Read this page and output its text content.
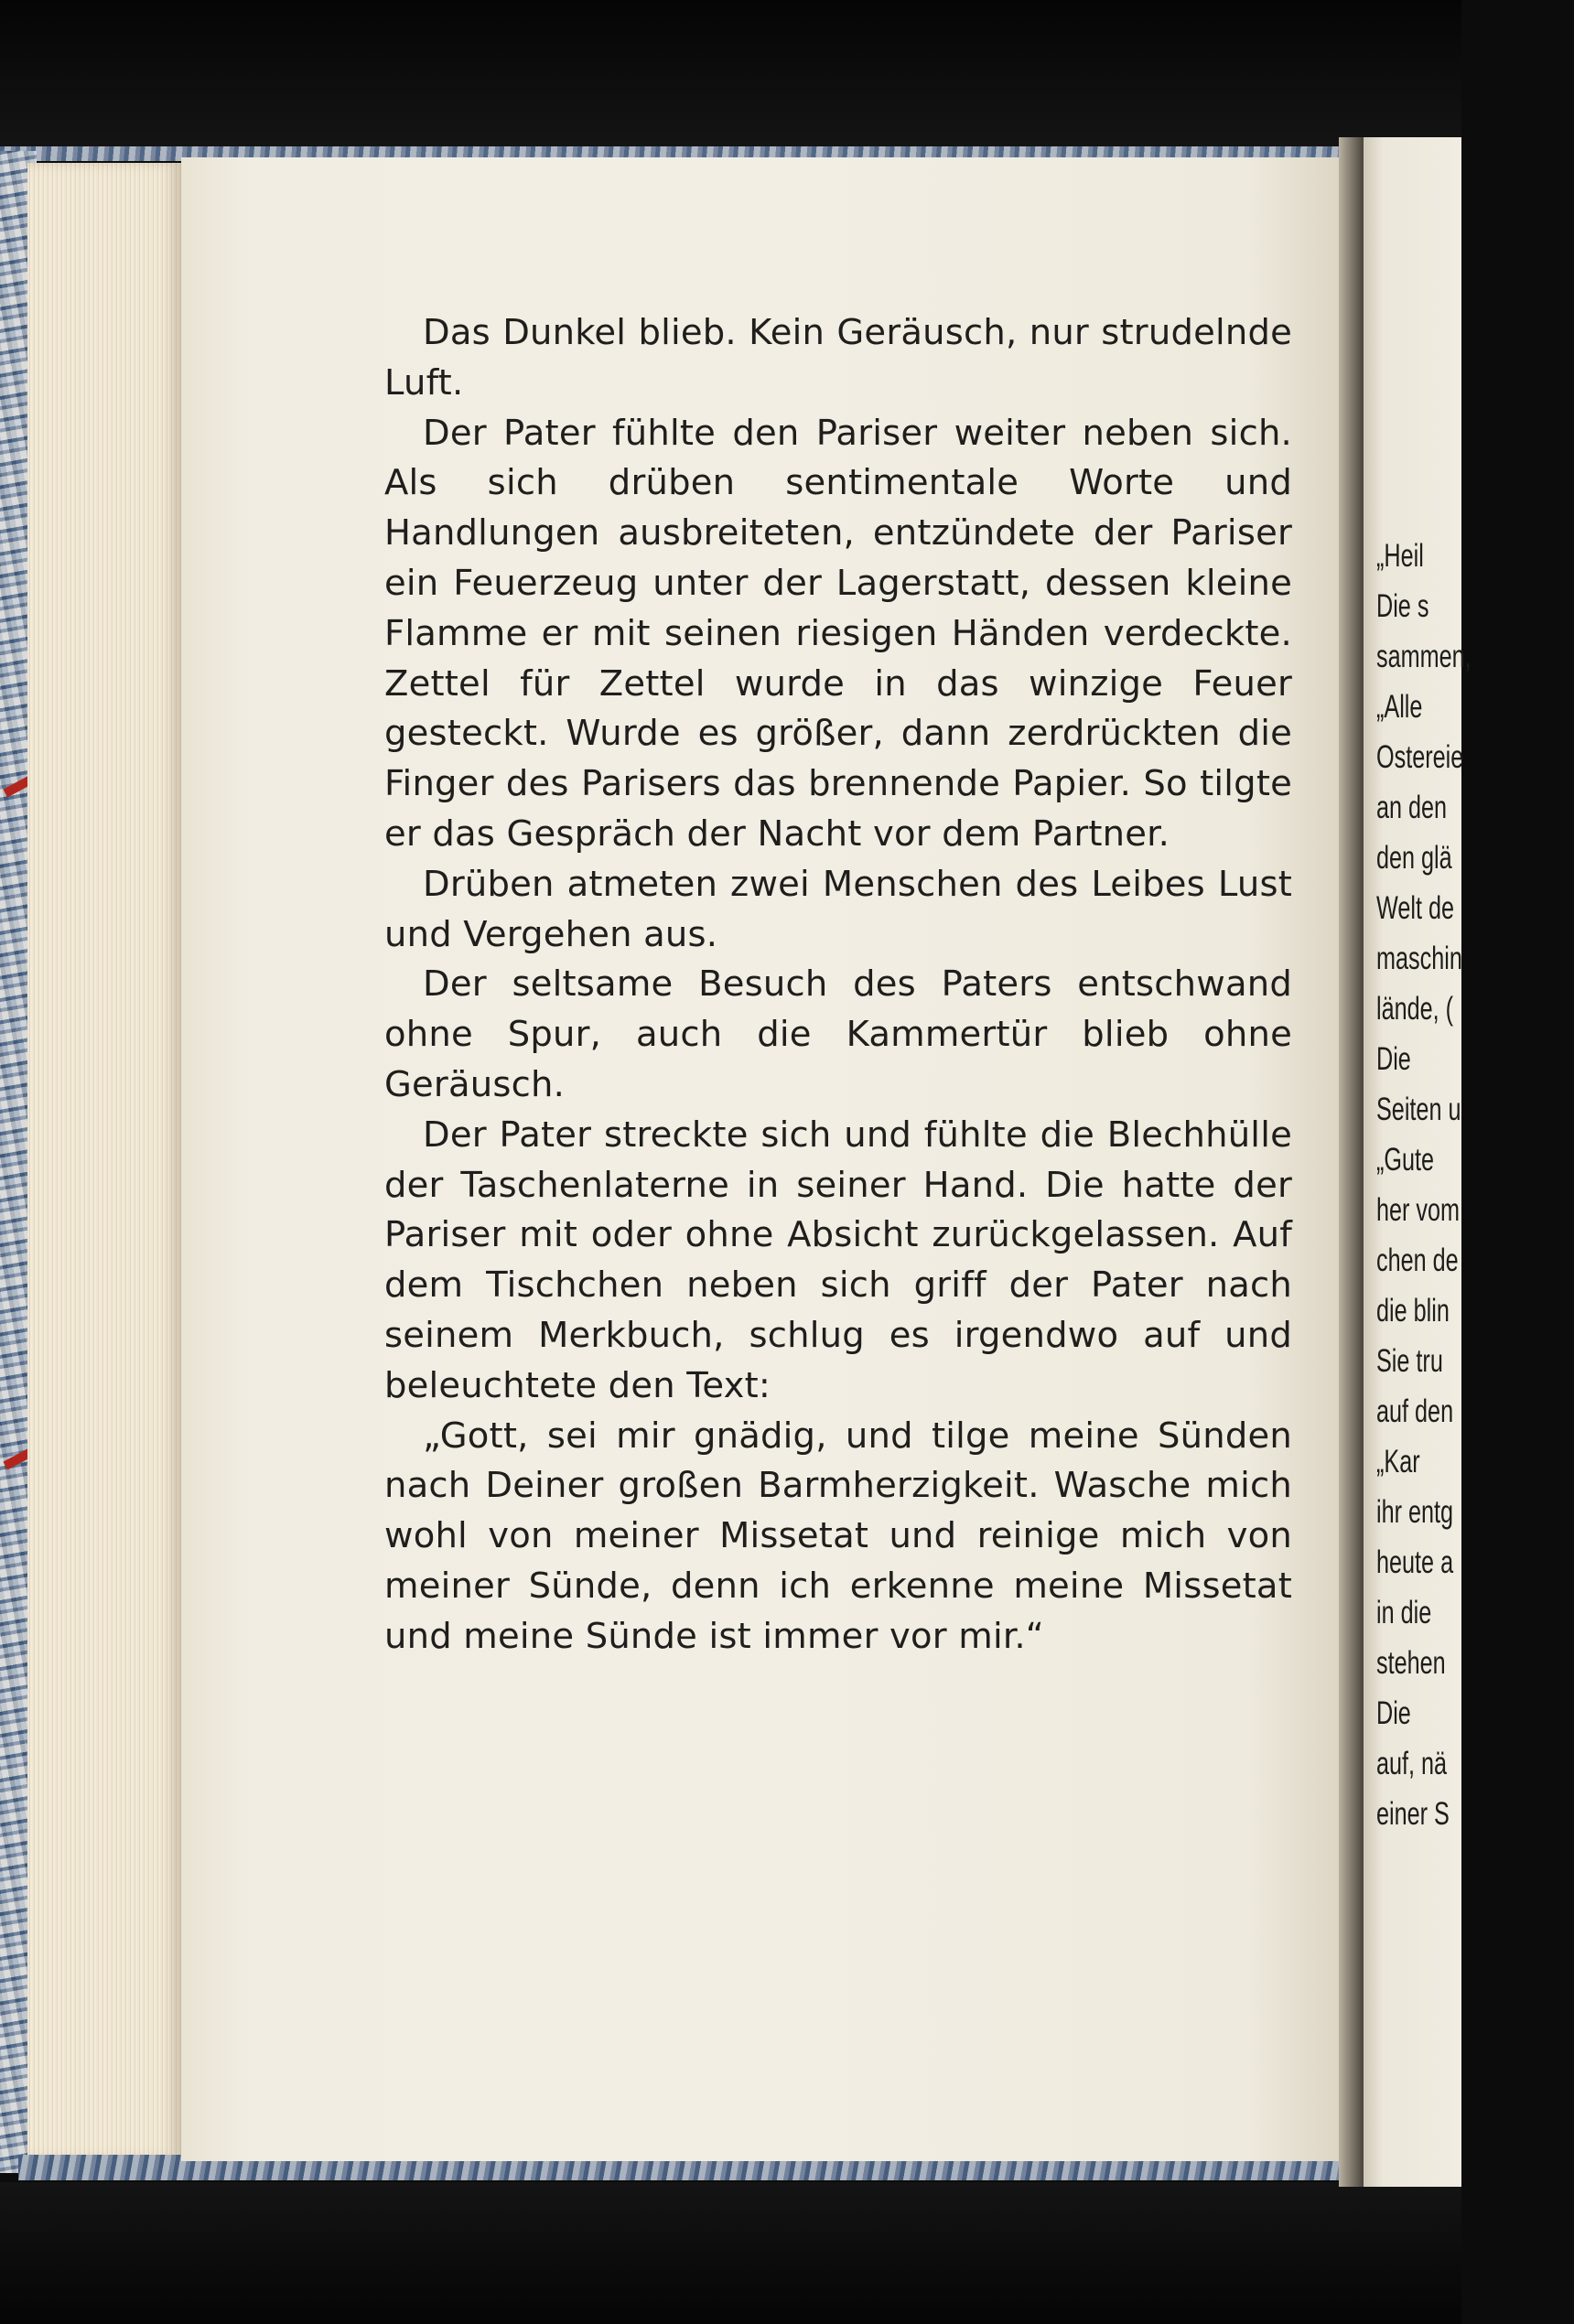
Das Dunkel blieb. Kein Geräusch, nur strudelnde Luft.

Der Pater fühlte den Pariser weiter neben sich. Als sich drüben sentimentale Worte und Handlungen ausbreiteten, entzündete der Pariser ein Feuerzeug unter der Lagerstatt, dessen kleine Flamme er mit seinen riesigen Händen verdeckte. Zettel für Zettel wurde in das winzige Feuer gesteckt. Wurde es größer, dann zerdrückten die Finger des Parisers das brennende Papier. So tilgte er das Gespräch der Nacht vor dem Partner.

Drüben atmeten zwei Menschen des Leibes Lust und Vergehen aus.

Der seltsame Besuch des Paters entschwand ohne Spur, auch die Kammertür blieb ohne Geräusch.

Der Pater streckte sich und fühlte die Blechhülle der Taschenlaterne in seiner Hand. Die hatte der Pariser mit oder ohne Absicht zurückgelassen. Auf dem Tischchen neben sich griff der Pater nach seinem Merkbuch, schlug es irgendwo auf und beleuchtete den Text:

„Gott, sei mir gnädig, und tilge meine Sünden nach Deiner großen Barmherzigkeit. Wasche mich wohl von meiner Missetat und reinige mich von meiner Sünde, denn ich erkenne meine Missetat und meine Sünde ist immer vor mir.“

„Heil
Die s
sammen,
„Alle
Ostereie
an den
den glä
Welt de
maschin
lände, (
Die
Seiten u
„Gute
her vom
chen de
die blin
Sie tru
auf den
„Kar
ihr entg
heute a
in die
stehen
Die
auf, nä
einer S
